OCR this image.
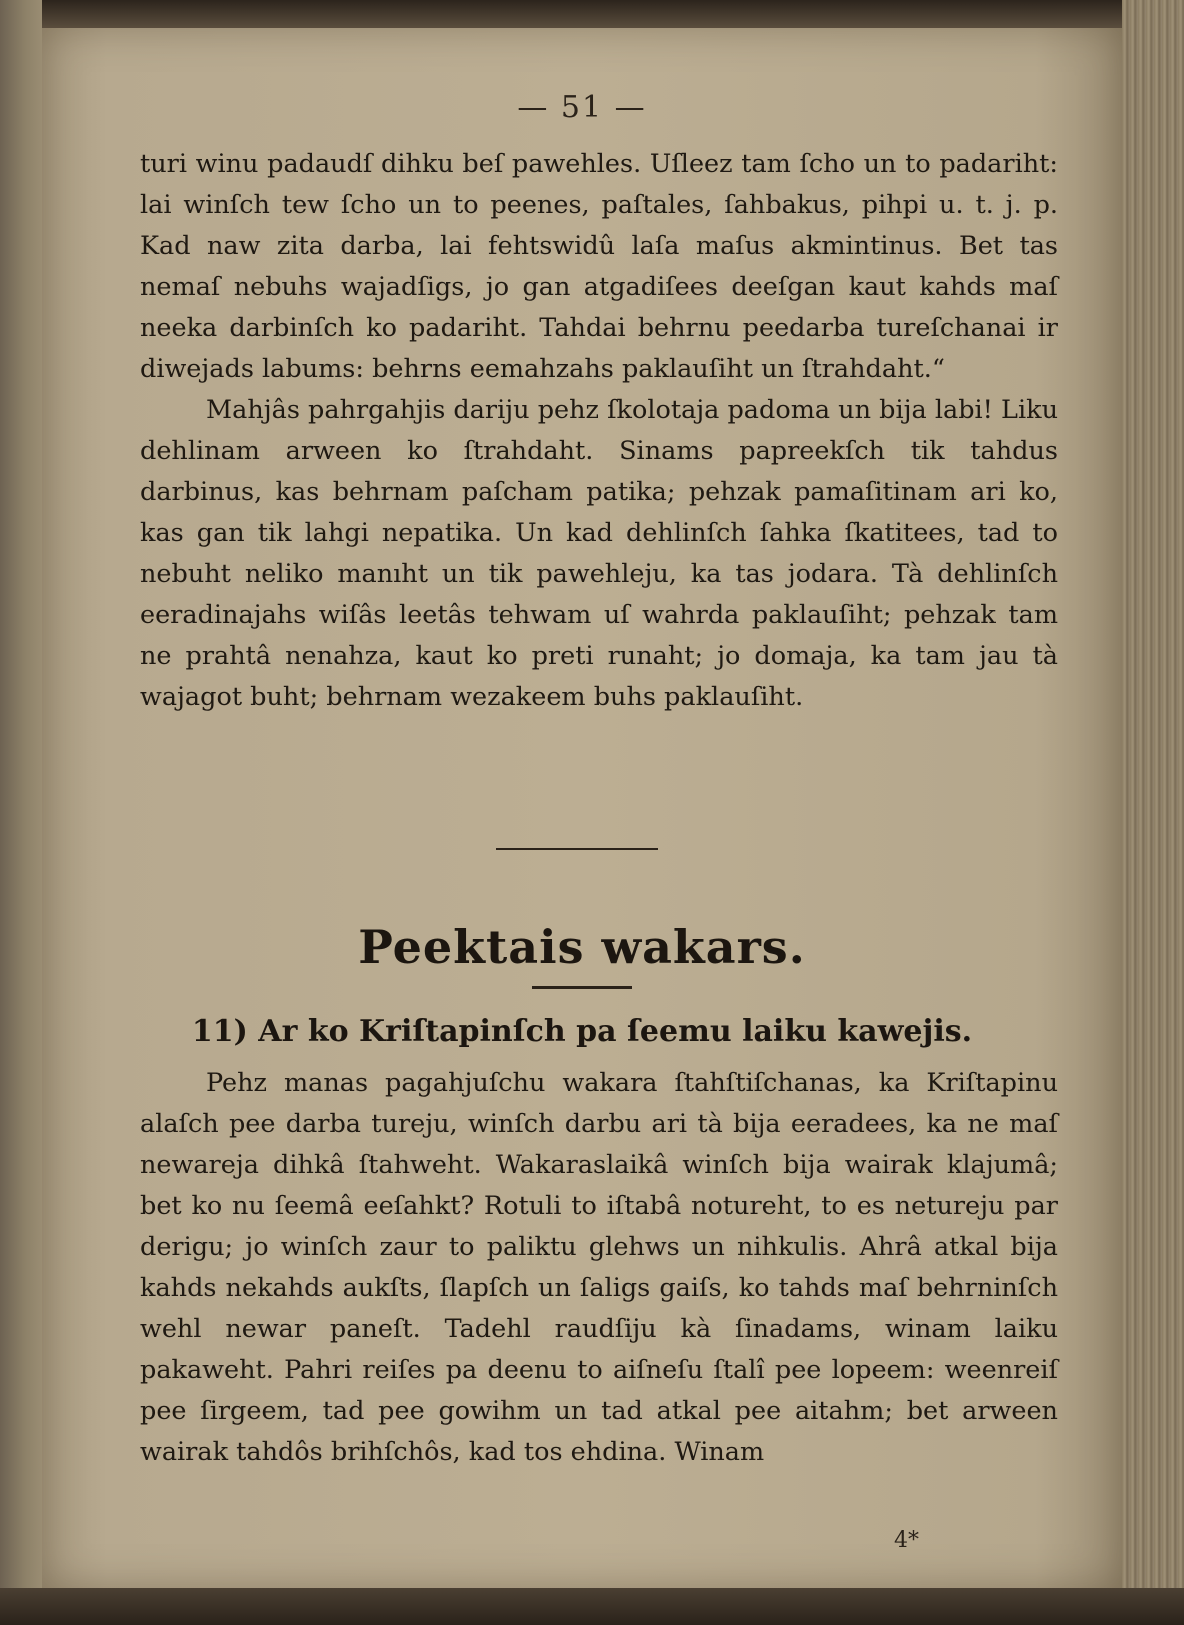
— 51 —

turi winu padaudſ dihku beſ pawehles. Uſleez tam ſcho un to padariht: lai winſch tew ſcho un to peenes, paſtales, ſahbakus, pihpi u. t. j. p. Kad naw zita darba, lai fehtswidû laſa maſus akmintinus. Bet tas nemaſ nebuhs wajadſigs, jo gan atgadiſees deeſgan kaut kahds maſ neeka darbinſch ko padariht. Tahdai behrnu peedarba tureſchanai ir diwejads labums: behrns eemahzahs paklauſiht un ſtrahdaht.“

Mahjâs pahrgahjis dariju pehz ſkolotaja padoma un bija labi! Liku dehlinam arween ko ſtrahdaht. Sinams papreekſch tik tahdus darbinus, kas behrnam paſcham patika; pehzak pamaſitinam ari ko, kas gan tik lahgi nepatika. Un kad dehlinſch ſahka ſkatitees, tad to nebuht neliko manıht un tik pawehleju, ka tas jodara. Tà dehlinſch eeradinajahs wiſâs leetâs tehwam uſ wahrda paklauſiht; pehzak tam ne prahtâ nenahza, kaut ko preti runaht; jo domaja, ka tam jau tà wajagot buht; behrnam wezakeem buhs paklauſiht.

Peektais wakars.
11) Ar ko Kriſtapinſch pa ſeemu laiku kawejis.

Pehz manas pagahjuſchu wakara ſtahſtiſchanas, ka Kriſtapinu alaſch pee darba tureju, winſch darbu ari tà bija eeradees, ka ne maſ newareja dihkâ ſtahweht. Wakaraslaikâ winſch bija wairak klajumâ; bet ko nu ſeemâ eeſahkt? Rotuli to iſtabâ notureht, to es netureju par derigu; jo winſch zaur to paliktu glehws un nihkulis. Ahrâ atkal bija kahds nekahds aukſts, ſlapſch un ſaligs gaiſs, ko tahds maſ behrninſch wehl newar paneſt. Tadehl raudſiju kà ſinadams, winam laiku pakaweht. Pahri reiſes pa deenu to aiſneſu ſtalî pee lopeem: weenreiſ pee ſirgeem, tad pee gowihm un tad atkal pee aitahm; bet arween wairak tahdôs brihſchôs, kad tos ehdina. Winam

4*
